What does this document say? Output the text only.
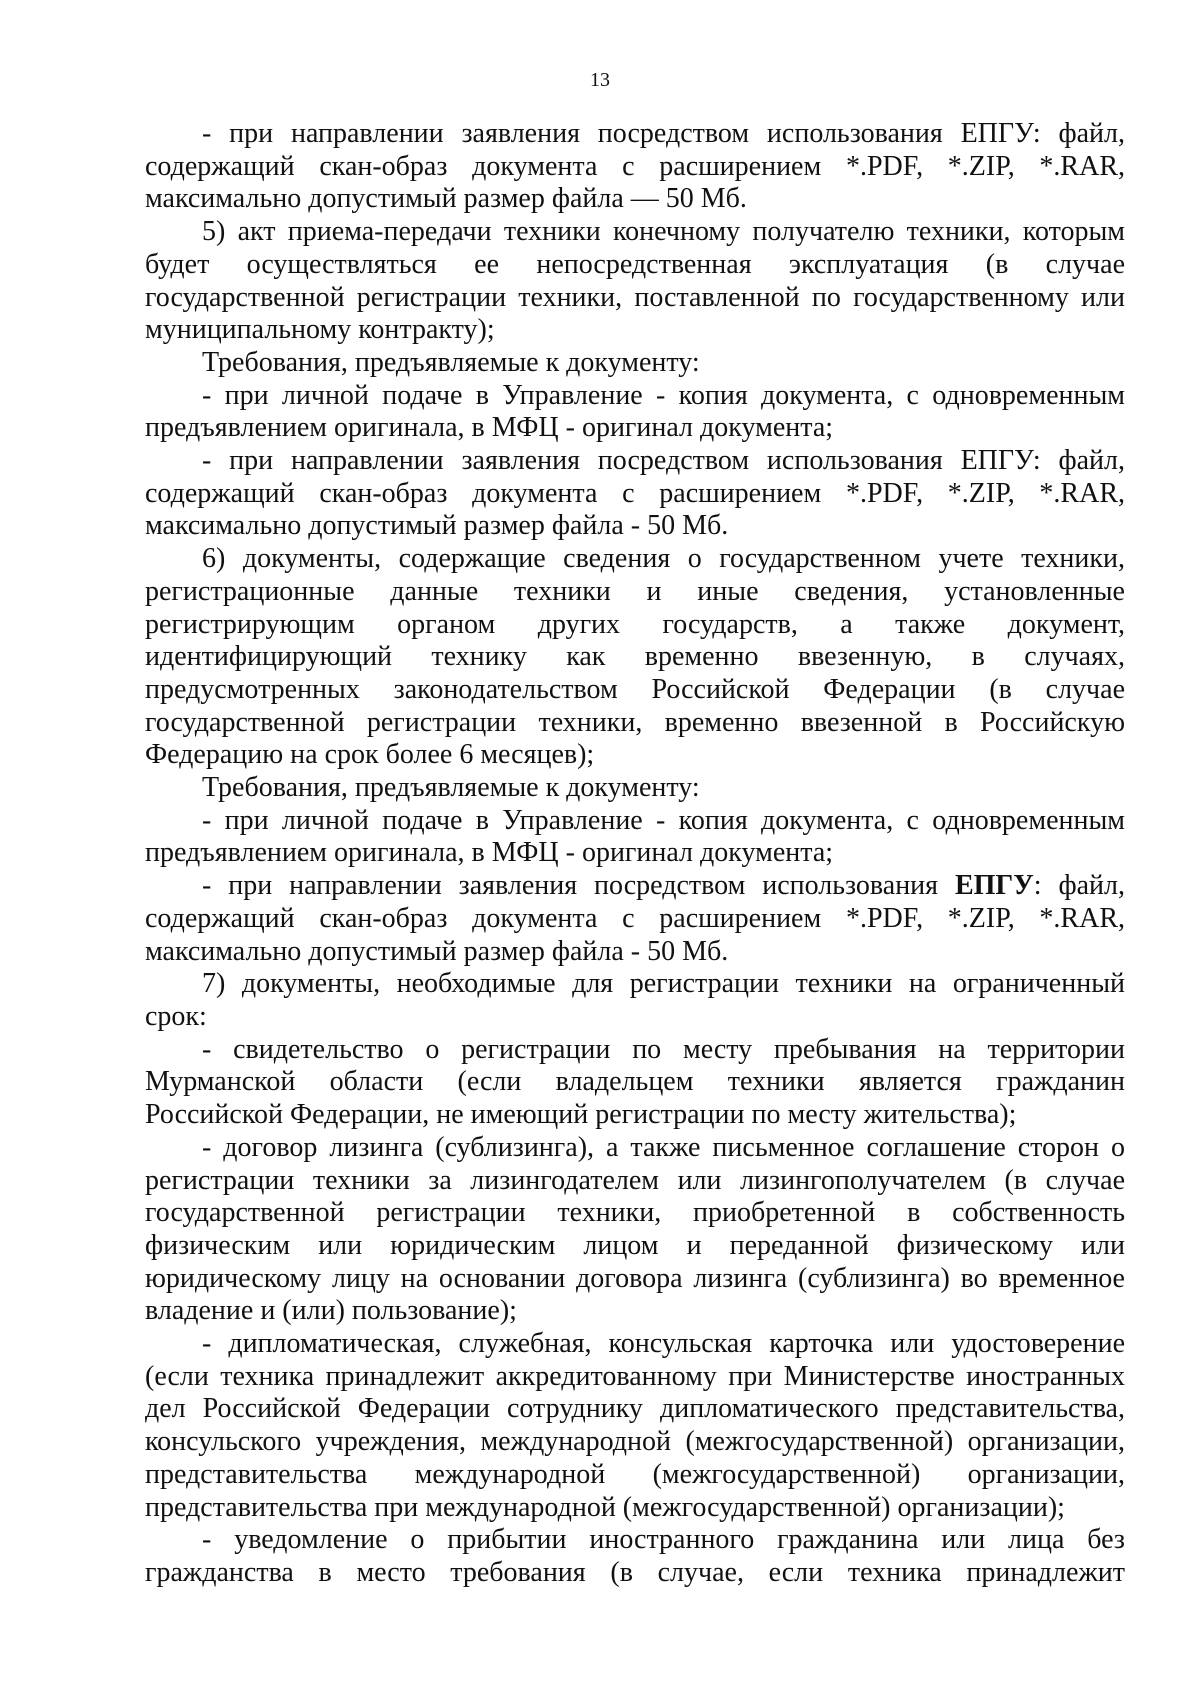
13
- при направлении заявления посредством использования ЕПГУ: файл,
содержащий скан-образ документа с расширением *.PDF, *.ZIP, *.RAR,
максимально допустимый размер файла — 50 Мб.
5) акт приема-передачи техники конечному получателю техники, которым
будет осуществляться ее непосредственная эксплуатация (в случае
государственной регистрации техники, поставленной по государственному или
муниципальному контракту);
Требования, предъявляемые к документу:
- при личной подаче в Управление - копия документа, с одновременным
предъявлением оригинала, в МФЦ - оригинал документа;
- при направлении заявления посредством использования ЕПГУ: файл,
содержащий скан-образ документа с расширением *.PDF, *.ZIP, *.RAR,
максимально допустимый размер файла - 50 Мб.
6) документы, содержащие сведения о государственном учете техники,
регистрационные данные техники и иные сведения, установленные
регистрирующим органом других государств, а также документ,
идентифицирующий технику как временно ввезенную, в случаях,
предусмотренных законодательством Российской Федерации (в случае
государственной регистрации техники, временно ввезенной в Российскую
Федерацию на срок более 6 месяцев);
Требования, предъявляемые к документу:
- при личной подаче в Управление - копия документа, с одновременным
предъявлением оригинала, в МФЦ - оригинал документа;
- при направлении заявления посредством использования ЕПГУ: файл,
содержащий скан-образ документа с расширением *.PDF, *.ZIP, *.RAR,
максимально допустимый размер файла - 50 Мб.
7) документы, необходимые для регистрации техники на ограниченный
срок:
- свидетельство о регистрации по месту пребывания на территории
Мурманской области (если владельцем техники является гражданин
Российской Федерации, не имеющий регистрации по месту жительства);
- договор лизинга (сублизинга), а также письменное соглашение сторон о
регистрации техники за лизингодателем или лизингополучателем (в случае
государственной регистрации техники, приобретенной в собственность
физическим или юридическим лицом и переданной физическому или
юридическому лицу на основании договора лизинга (сублизинга) во временное
владение и (или) пользование);
- дипломатическая, служебная, консульская карточка или удостоверение
(если техника принадлежит аккредитованному при Министерстве иностранных
дел Российской Федерации сотруднику дипломатического представительства,
консульского учреждения, международной (межгосударственной) организации,
представительства международной (межгосударственной) организации,
представительства при международной (межгосударственной) организации);
- уведомление о прибытии иностранного гражданина или лица без
гражданства в место требования (в случае, если техника принадлежит
